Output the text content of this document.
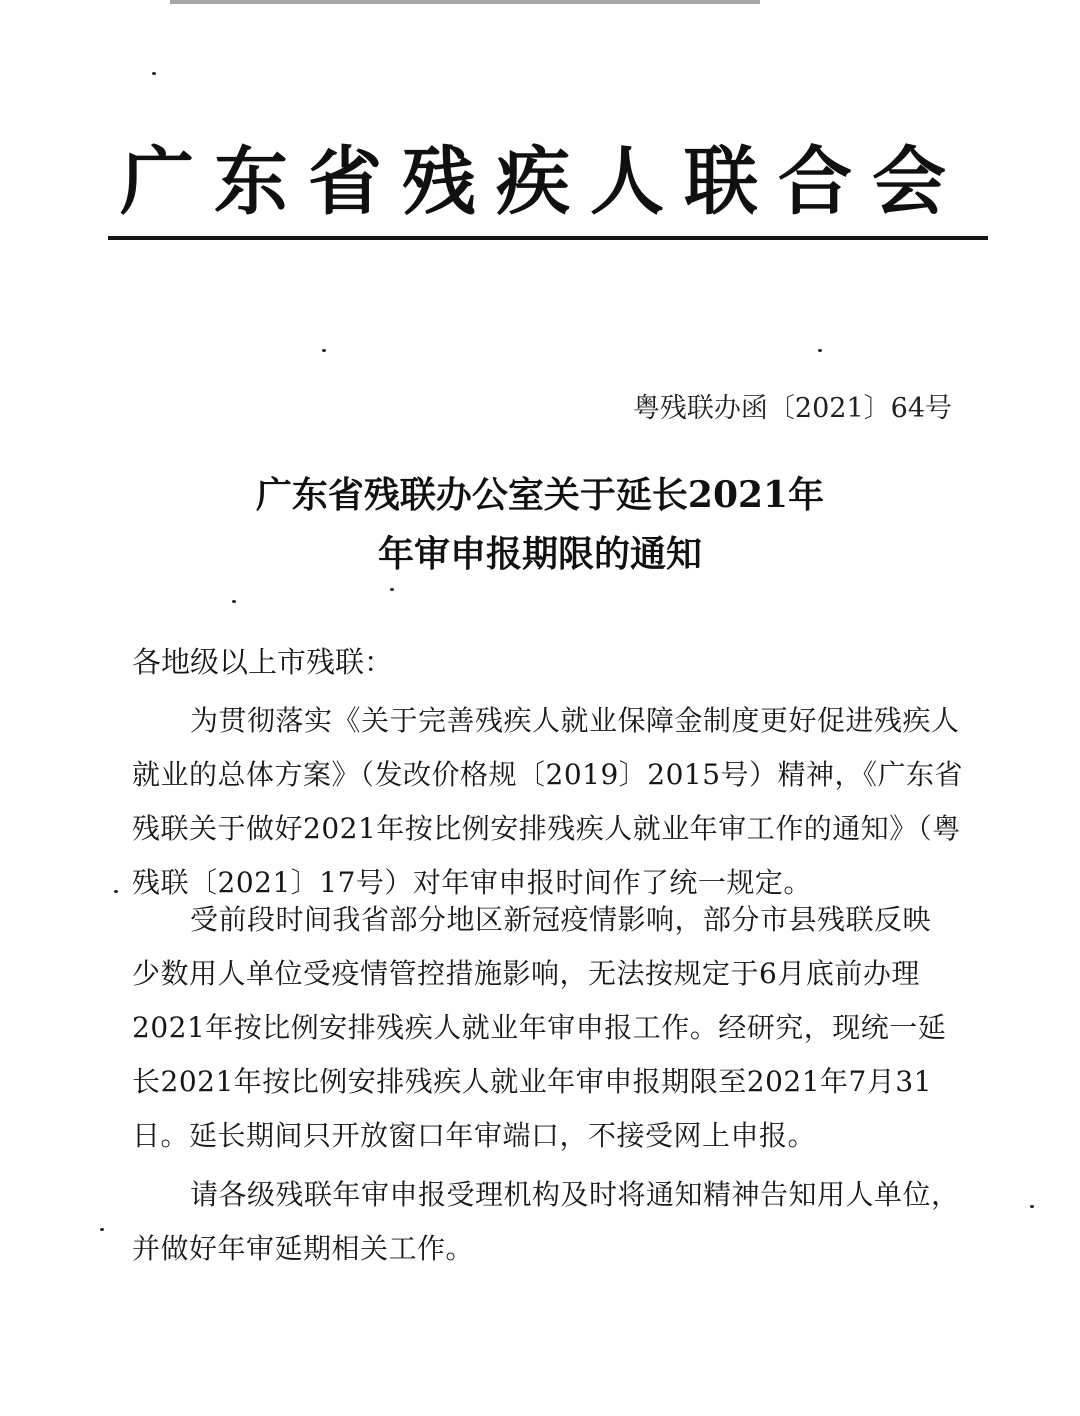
广东省残疾人联合会
粤残联办函〔2021〕64号
广东省残联办公室关于延长2021年
年审申报期限的通知
各地级以上市残联：
为贯彻落实《关于完善残疾人就业保障金制度更好促进残疾人
就业的总体方案》（发改价格规〔2019〕2015号）精神，《广东省
残联关于做好2021年按比例安排残疾人就业年审工作的通知》（粤
残联〔2021〕17号）对年审申报时间作了统一规定。
受前段时间我省部分地区新冠疫情影响，部分市县残联反映
少数用人单位受疫情管控措施影响，无法按规定于6月底前办理
2021年按比例安排残疾人就业年审申报工作。经研究，现统一延
长2021年按比例安排残疾人就业年审申报期限至2021年7月31
日。延长期间只开放窗口年审端口，不接受网上申报。
请各级残联年审申报受理机构及时将通知精神告知用人单位，
并做好年审延期相关工作。
